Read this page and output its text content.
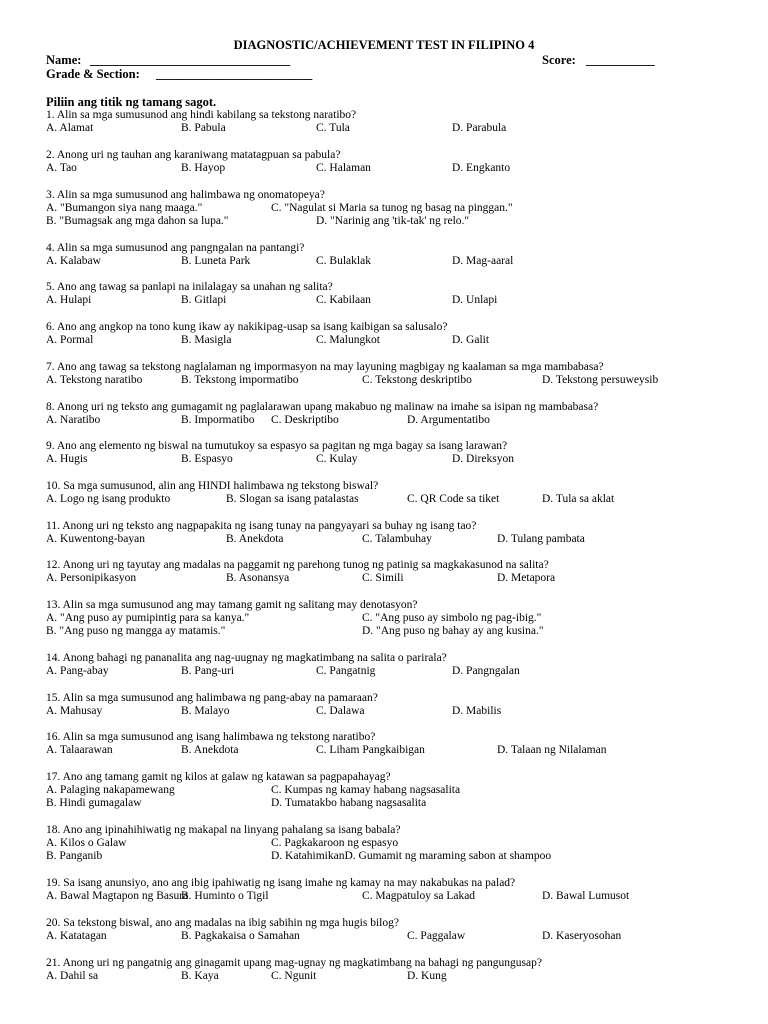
DIAGNOSTIC/ACHIEVEMENT TEST IN FILIPINO 4
Name: ________________________________	Score: ___________
Grade & Section: _________________________
Piliin ang titik ng tamang sagot.
1. Alin sa mga sumusunod ang hindi kabilang sa tekstong naratibo?
A. Alamat	B. Pabula	C. Tula	D. Parabula
2. Anong uri ng tauhan ang karaniwang matatagpuan sa pabula?
A. Tao	B. Hayop	C. Halaman	D. Engkanto
3. Alin sa mga sumusunod ang halimbawa ng onomatopeya?
A. "Bumangon siya nang maaga."	C. "Nagulat si Maria sa tunog ng basag na pinggan."
B. "Bumagsak ang mga dahon sa lupa."	D. "Narinig ang 'tik-tak' ng relo."
4. Alin sa mga sumusunod ang pangngalan na pantangi?
A. Kalabaw	B. Luneta Park	C. Bulaklak	D. Mag-aaral
5. Ano ang tawag sa panlapi na inilalagay sa unahan ng salita?
A. Hulapi	B. Gitlapi	C. Kabilaan	D. Unlapi
6. Ano ang angkop na tono kung ikaw ay nakikipag-usap sa isang kaibigan sa salusalo?
A. Pormal	B. Masigla	C. Malungkot	D. Galit
7. Ano ang tawag sa tekstong naglalaman ng impormasyon na may layuning magbigay ng kaalaman sa mga mambabasa?
A. Tekstong naratibo	B. Tekstong impormatibo	C. Tekstong deskriptibo	D. Tekstong persuweysib
8. Anong uri ng teksto ang gumagamit ng paglalarawan upang makabuo ng malinaw na imahe sa isipan ng mambabasa?
A. Naratibo	B. Impormatibo C. Deskriptibo	D. Argumentatibo
9. Ano ang elemento ng biswal na tumutukoy sa espasyo sa pagitan ng mga bagay sa isang larawan?
A. Hugis	B. Espasyo	C. Kulay	D. Direksyon
10. Sa mga sumusunod, alin ang HINDI halimbawa ng tekstong biswal?
A. Logo ng isang produkto	B. Slogan sa isang patalastas	C. QR Code sa tiket	D. Tula sa aklat
11. Anong uri ng teksto ang nagpapakita ng isang tunay na pangyayari sa buhay ng isang tao?
A. Kuwentong-bayan	B. Anekdota	C. Talambuhay	D. Tulang pambata
12. Anong uri ng tayutay ang madalas na paggamit ng parehong tunog ng patinig sa magkakasunod na salita?
A. Personipikasyon	B. Asonansya	C. Simili	D. Metapora
13. Alin sa mga sumusunod ang may tamang gamit ng salitang may denotasyon?
A. "Ang puso ay pumipintig para sa kanya."	C. "Ang puso ay simbolo ng pag-ibig."
B. "Ang puso ng mangga ay matamis."	D. "Ang puso ng bahay ay ang kusina."
14. Anong bahagi ng pananalita ang nag-uugnay ng magkatimbang na salita o parirala?
A. Pang-abay	B. Pang-uri	C. Pangatnig	D. Pangngalan
15. Alin sa mga sumusunod ang halimbawa ng pang-abay na pamaraan?
A. Mahusay	B. Malayo	C. Dalawa	D. Mabilis
16. Alin sa mga sumusunod ang isang halimbawa ng tekstong naratibo?
A. Talaarawan	B. Anekdota	C. Liham Pangkaibigan	D. Talaan ng Nilalaman
17. Ano ang tamang gamit ng kilos at galaw ng katawan sa pagpapahayag?
A. Palaging nakapamewang	C. Kumpas ng kamay habang nagsasalita
B. Hindi gumagalaw	D. Tumatakbo habang nagsasalita
18. Ano ang ipinahihiwatig ng makapal na linyang pahalang sa isang babala?
A. Kilos o Galaw	C. Pagkakaroon ng espasyo
B. Panganib	D. KatahimikanD. Gumamit ng maraming sabon at shampoo
19. Sa isang anunsiyo, ano ang ibig ipahiwatig ng isang imahe ng kamay na may nakabukas na palad?
A. Bawal Magtapon ng Basura
B. Huminto o Tigil	C. Magpatuloy sa Lakad	D. Bawal Lumusot
20. Sa tekstong biswal, ano ang madalas na ibig sabihin ng mga hugis bilog?
A. Katatagan	B. Pagkakaisa o Samahan	C. Paggalaw	D. Kaseryosohan
21. Anong uri ng pangatnig ang ginagamit upang mag-ugnay ng magkatimbang na bahagi ng pangungusap?
A. Dahil sa	B. Kaya	C. Ngunit	D. Kung
